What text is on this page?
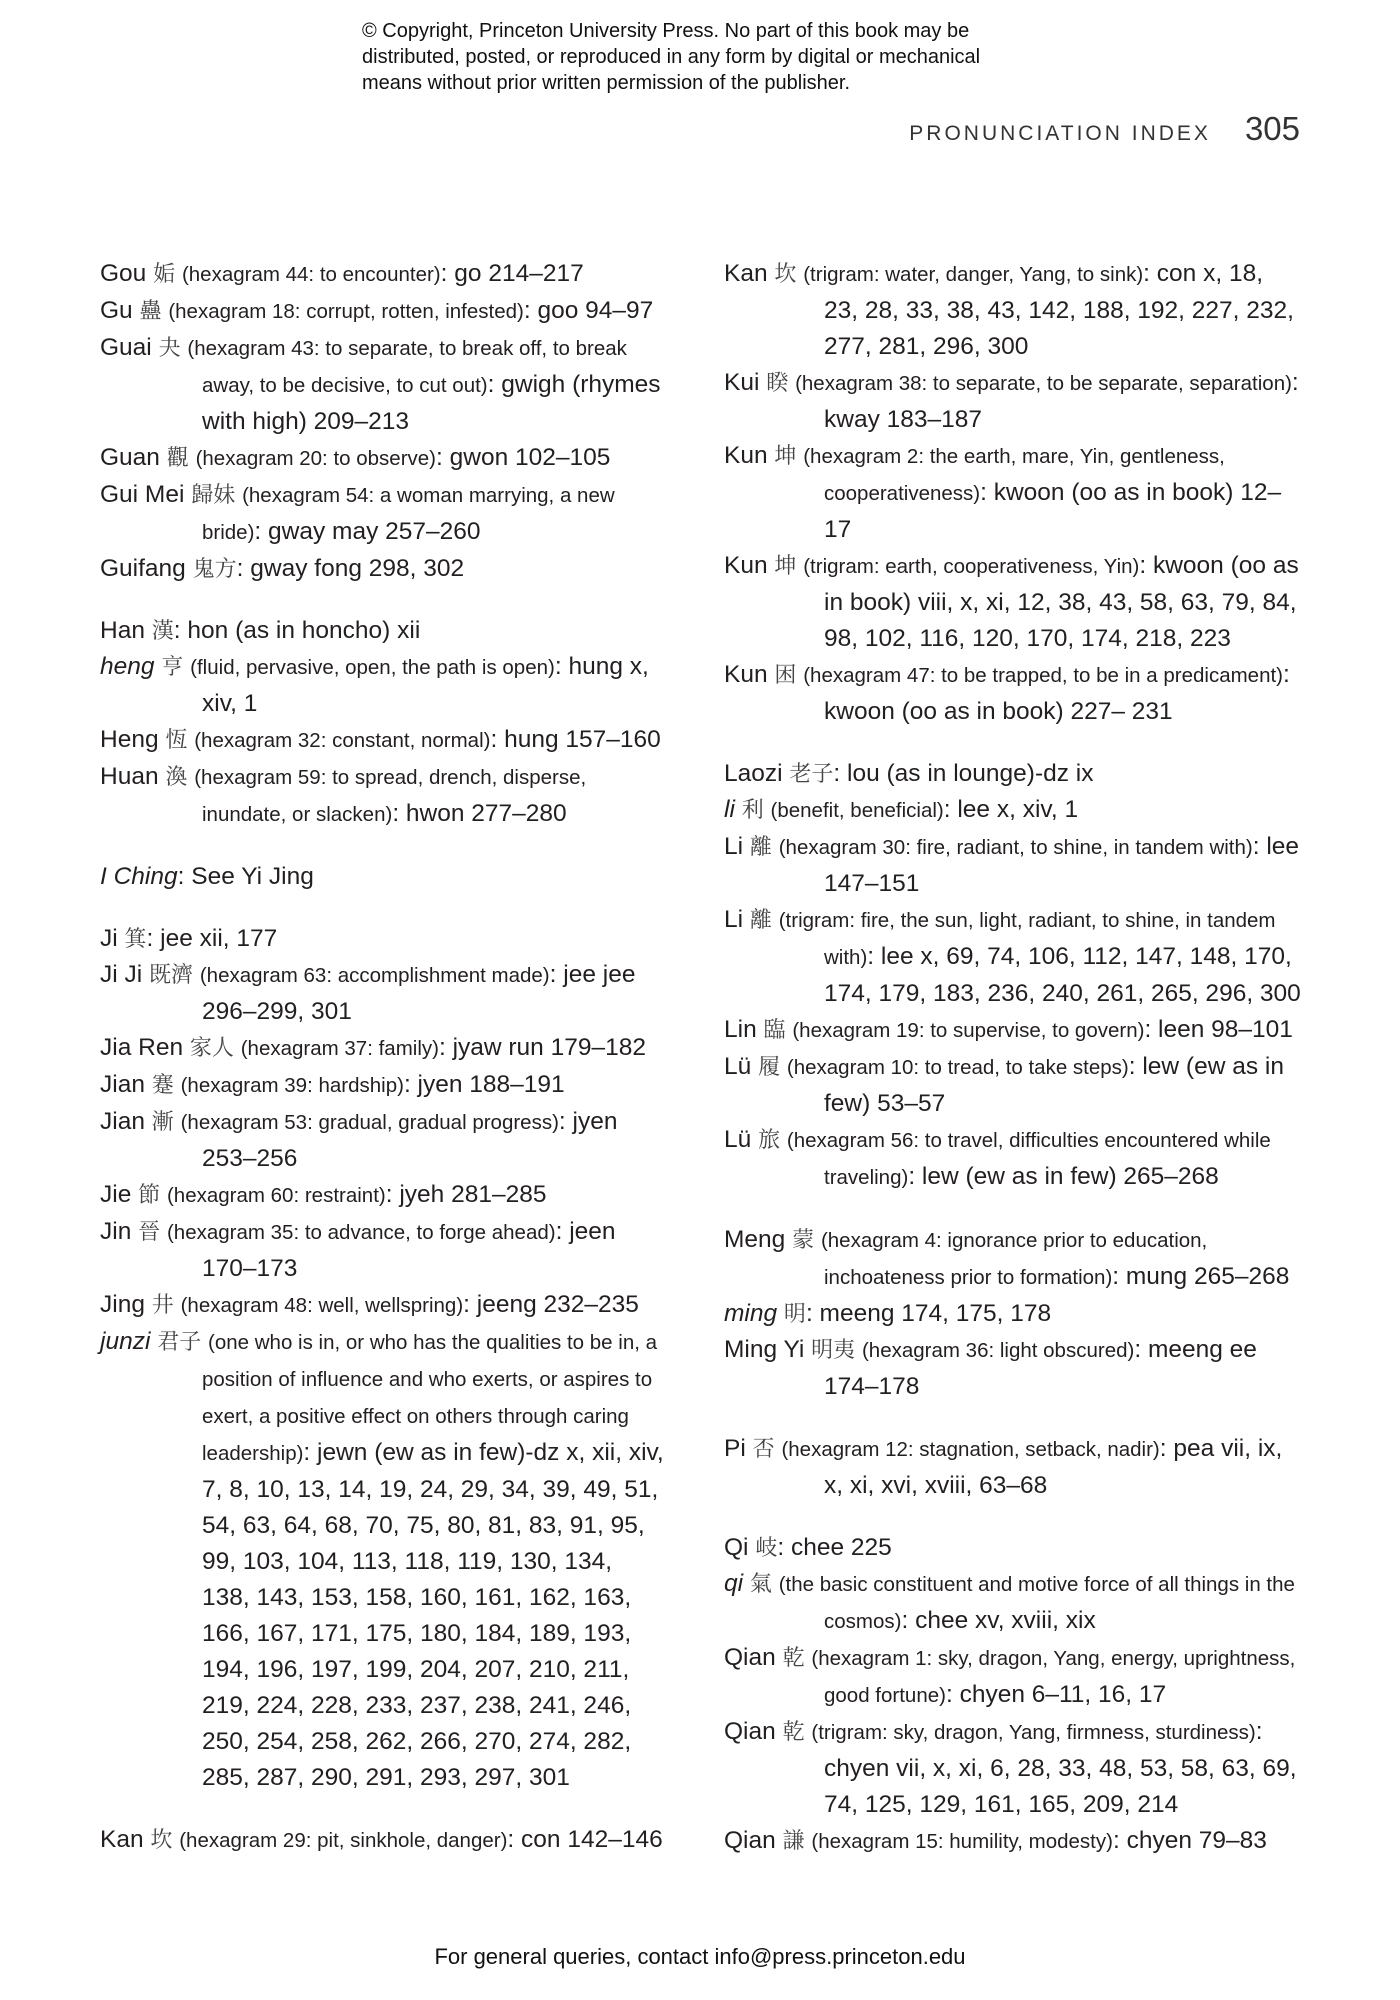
© Copyright, Princeton University Press. No part of this book may be
distributed, posted, or reproduced in any form by digital or mechanical
means without prior written permission of the publisher.
PRONUNCIATION INDEX 305
Gou 姤 (hexagram 44: to encounter): go 214–217
Gu 蠱 (hexagram 18: corrupt, rotten, infested): goo 94–97
Guai 夬 (hexagram 43: to separate, to break off, to break away, to be decisive, to cut out): gwigh (rhymes with high) 209–213
Guan 觀 (hexagram 20: to observe): gwon 102–105
Gui Mei 歸妹 (hexagram 54: a woman marrying, a new bride): gway may 257–260
Guifang 鬼方: gway fong 298, 302
Han 漢: hon (as in honcho) xii
heng 亨 (fluid, pervasive, open, the path is open): hung x, xiv, 1
Heng 恆 (hexagram 32: constant, normal): hung 157–160
Huan 渙 (hexagram 59: to spread, drench, disperse, inundate, or slacken): hwon 277–280
I Ching: See Yi Jing
Ji 箕: jee xii, 177
Ji Ji 既濟 (hexagram 63: accomplishment made): jee jee 296–299, 301
Jia Ren 家人 (hexagram 37: family): jyaw run 179–182
Jian 蹇 (hexagram 39: hardship): jyen 188–191
Jian 漸 (hexagram 53: gradual, gradual progress): jyen 253–256
Jie 節 (hexagram 60: restraint): jyeh 281–285
Jin 晉 (hexagram 35: to advance, to forge ahead): jeen 170–173
Jing 井 (hexagram 48: well, wellspring): jeeng 232–235
junzi 君子 (one who is in, or who has the qualities to be in, a position of influence and who exerts, or aspires to exert, a positive effect on others through caring leadership): jewn (ew as in few)-dz x, xii, xiv, 7, 8, 10, 13, 14, 19, 24, 29, 34, 39, 49, 51, 54, 63, 64, 68, 70, 75, 80, 81, 83, 91, 95, 99, 103, 104, 113, 118, 119, 130, 134, 138, 143, 153, 158, 160, 161, 162, 163, 166, 167, 171, 175, 180, 184, 189, 193, 194, 196, 197, 199, 204, 207, 210, 211, 219, 224, 228, 233, 237, 238, 241, 246, 250, 254, 258, 262, 266, 270, 274, 282, 285, 287, 290, 291, 293, 297, 301
Kan 坎 (hexagram 29: pit, sinkhole, danger): con 142–146
Kan 坎 (trigram: water, danger, Yang, to sink): con x, 18, 23, 28, 33, 38, 43, 142, 188, 192, 227, 232, 277, 281, 296, 300
Kui 睽 (hexagram 38: to separate, to be separate, separation): kway 183–187
Kun 坤 (hexagram 2: the earth, mare, Yin, gentleness, cooperativeness): kwoon (oo as in book) 12–17
Kun 坤 (trigram: earth, cooperativeness, Yin): kwoon (oo as in book) viii, x, xi, 12, 38, 43, 58, 63, 79, 84, 98, 102, 116, 120, 170, 174, 218, 223
Kun 困 (hexagram 47: to be trapped, to be in a predicament): kwoon (oo as in book) 227– 231
Laozi 老子: lou (as in lounge)-dz ix
li 利 (benefit, beneficial): lee x, xiv, 1
Li 離 (hexagram 30: fire, radiant, to shine, in tandem with): lee 147–151
Li 離 (trigram: fire, the sun, light, radiant, to shine, in tandem with): lee x, 69, 74, 106, 112, 147, 148, 170, 174, 179, 183, 236, 240, 261, 265, 296, 300
Lin 臨 (hexagram 19: to supervise, to govern): leen 98–101
Lü 履 (hexagram 10: to tread, to take steps): lew (ew as in few) 53–57
Lü 旅 (hexagram 56: to travel, difficulties encountered while traveling): lew (ew as in few) 265–268
Meng 蒙 (hexagram 4: ignorance prior to education, inchoateness prior to formation): mung 265–268
ming 明: meeng 174, 175, 178
Ming Yi 明夷 (hexagram 36: light obscured): meeng ee 174–178
Pi 否 (hexagram 12: stagnation, setback, nadir): pea vii, ix, x, xi, xvi, xviii, 63–68
Qi 岐: chee 225
qi 氣 (the basic constituent and motive force of all things in the cosmos): chee xv, xviii, xix
Qian 乾 (hexagram 1: sky, dragon, Yang, energy, uprightness, good fortune): chyen 6–11, 16, 17
Qian 乾 (trigram: sky, dragon, Yang, firmness, sturdiness): chyen vii, x, xi, 6, 28, 33, 48, 53, 58, 63, 69, 74, 125, 129, 161, 165, 209, 214
Qian 謙 (hexagram 15: humility, modesty): chyen 79–83
For general queries, contact info@press.princeton.edu
